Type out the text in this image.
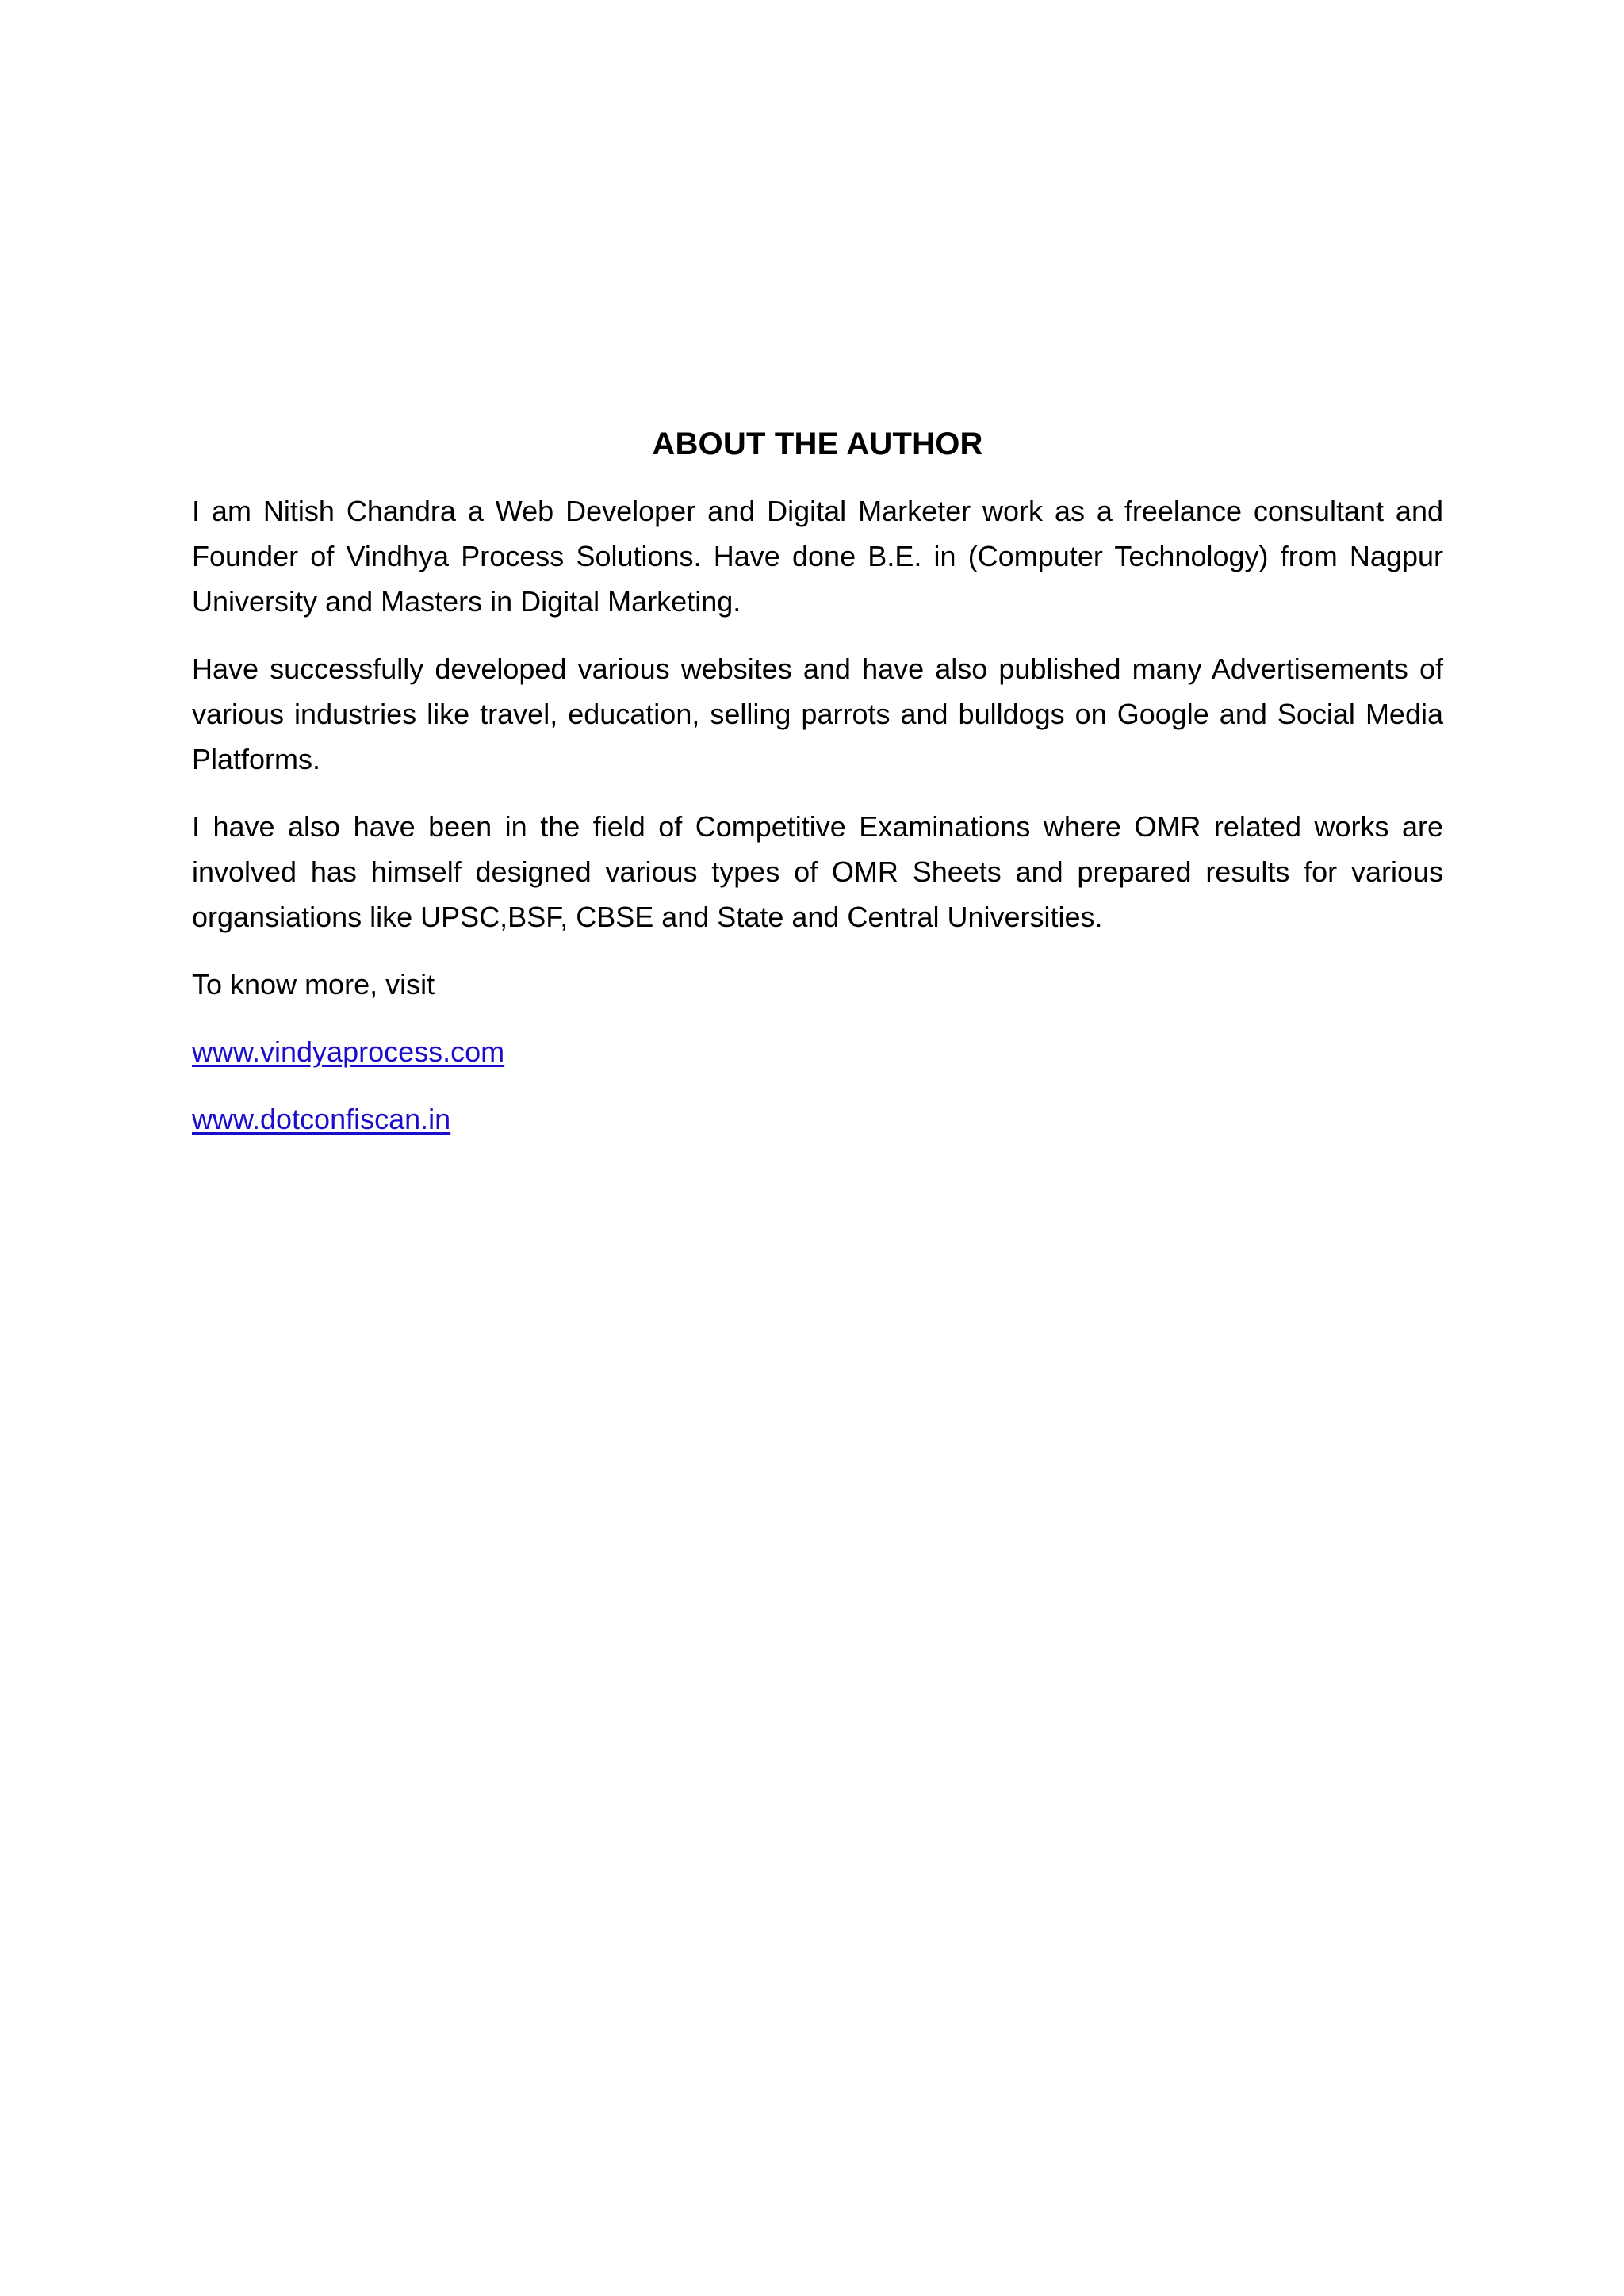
ABOUT THE AUTHOR

I am Nitish Chandra a Web Developer and Digital Marketer work as a freelance consultant and Founder of Vindhya Process Solutions. Have done B.E. in (Computer Technology) from Nagpur University and Masters in Digital Marketing.

Have successfully developed various websites and have also published many Advertisements of various industries like travel, education, selling parrots and bulldogs on Google and Social Media Platforms.

I have also have been in the field of Competitive Examinations where OMR related works are involved has himself designed various types of OMR Sheets and prepared results for various organsiations like UPSC,BSF, CBSE and State and Central Universities.

To know more, visit

www.vindyaprocess.com
www.dotconfiscan.in
